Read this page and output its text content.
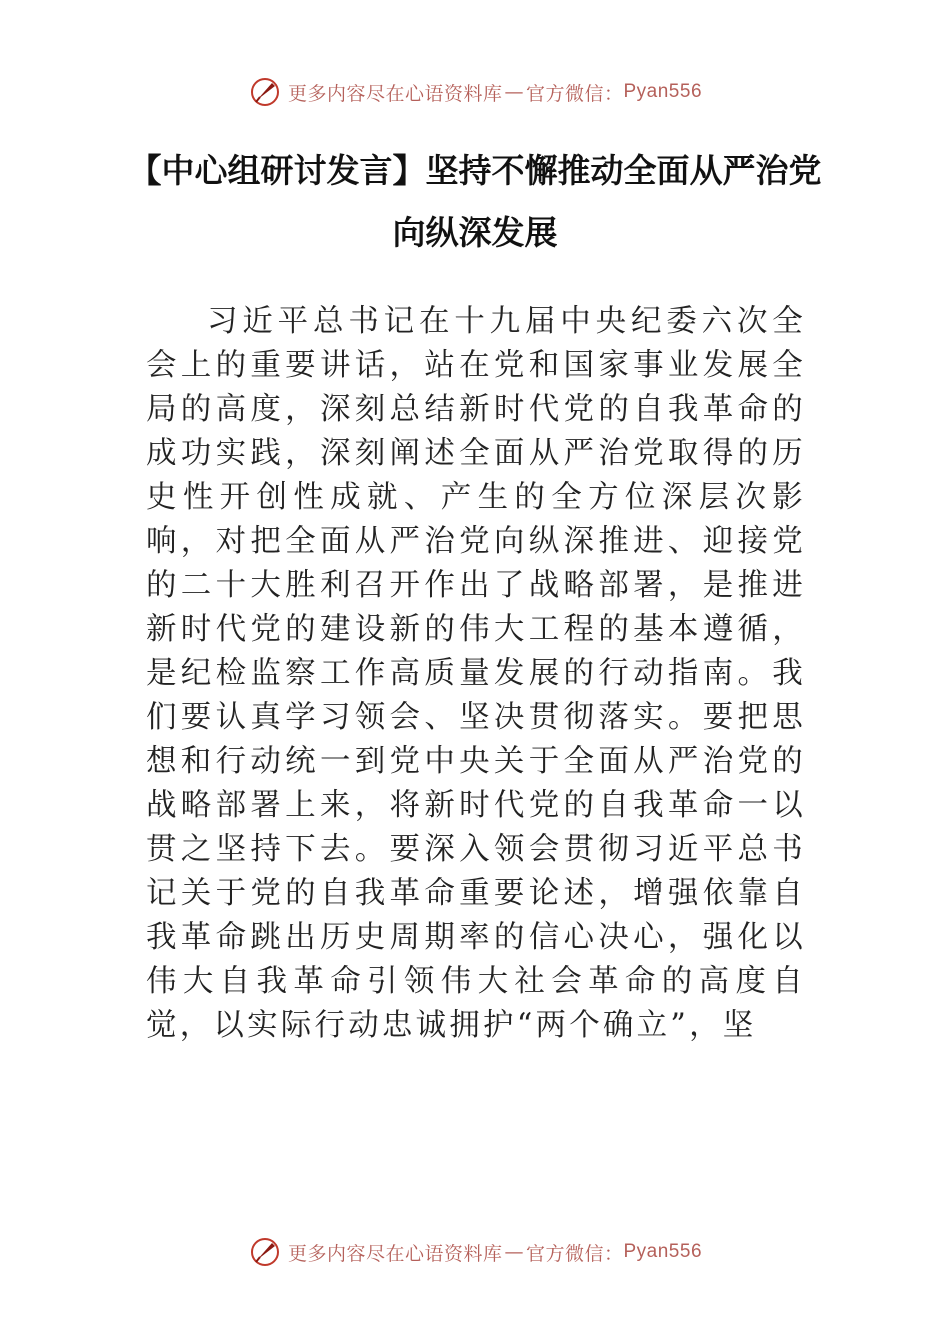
更多内容尽在心语资料库 — 官方微信： Pyan556
【中心组研讨发言】坚持不懈推动全面从严治党向纵深发展

习近平总书记在十九届中央纪委六次全会上的重要讲话，站在党和国家事业发展全局的高度，深刻总结新时代党的自我革命的成功实践，深刻阐述全面从严治党取得的历史性开创性成就、产生的全方位深层次影响，对把全面从严治党向纵深推进、迎接党的二十大胜利召开作出了战略部署，是推进新时代党的建设新的伟大工程的基本遵循，是纪检监察工作高质量发展的行动指南。我们要认真学习领会、坚决贯彻落实。要把思想和行动统一到党中央关于全面从严治党的战略部署上来，将新时代党的自我革命一以贯之坚持下去。要深入领会贯彻习近平总书记关于党的自我革命重要论述，增强依靠自我革命跳出历史周期率的信心决心，强化以伟大自我革命引领伟大社会革命的高度自觉，以实际行动忠诚拥护“两个确立”，坚

更多内容尽在心语资料库 — 官方微信： Pyan556
